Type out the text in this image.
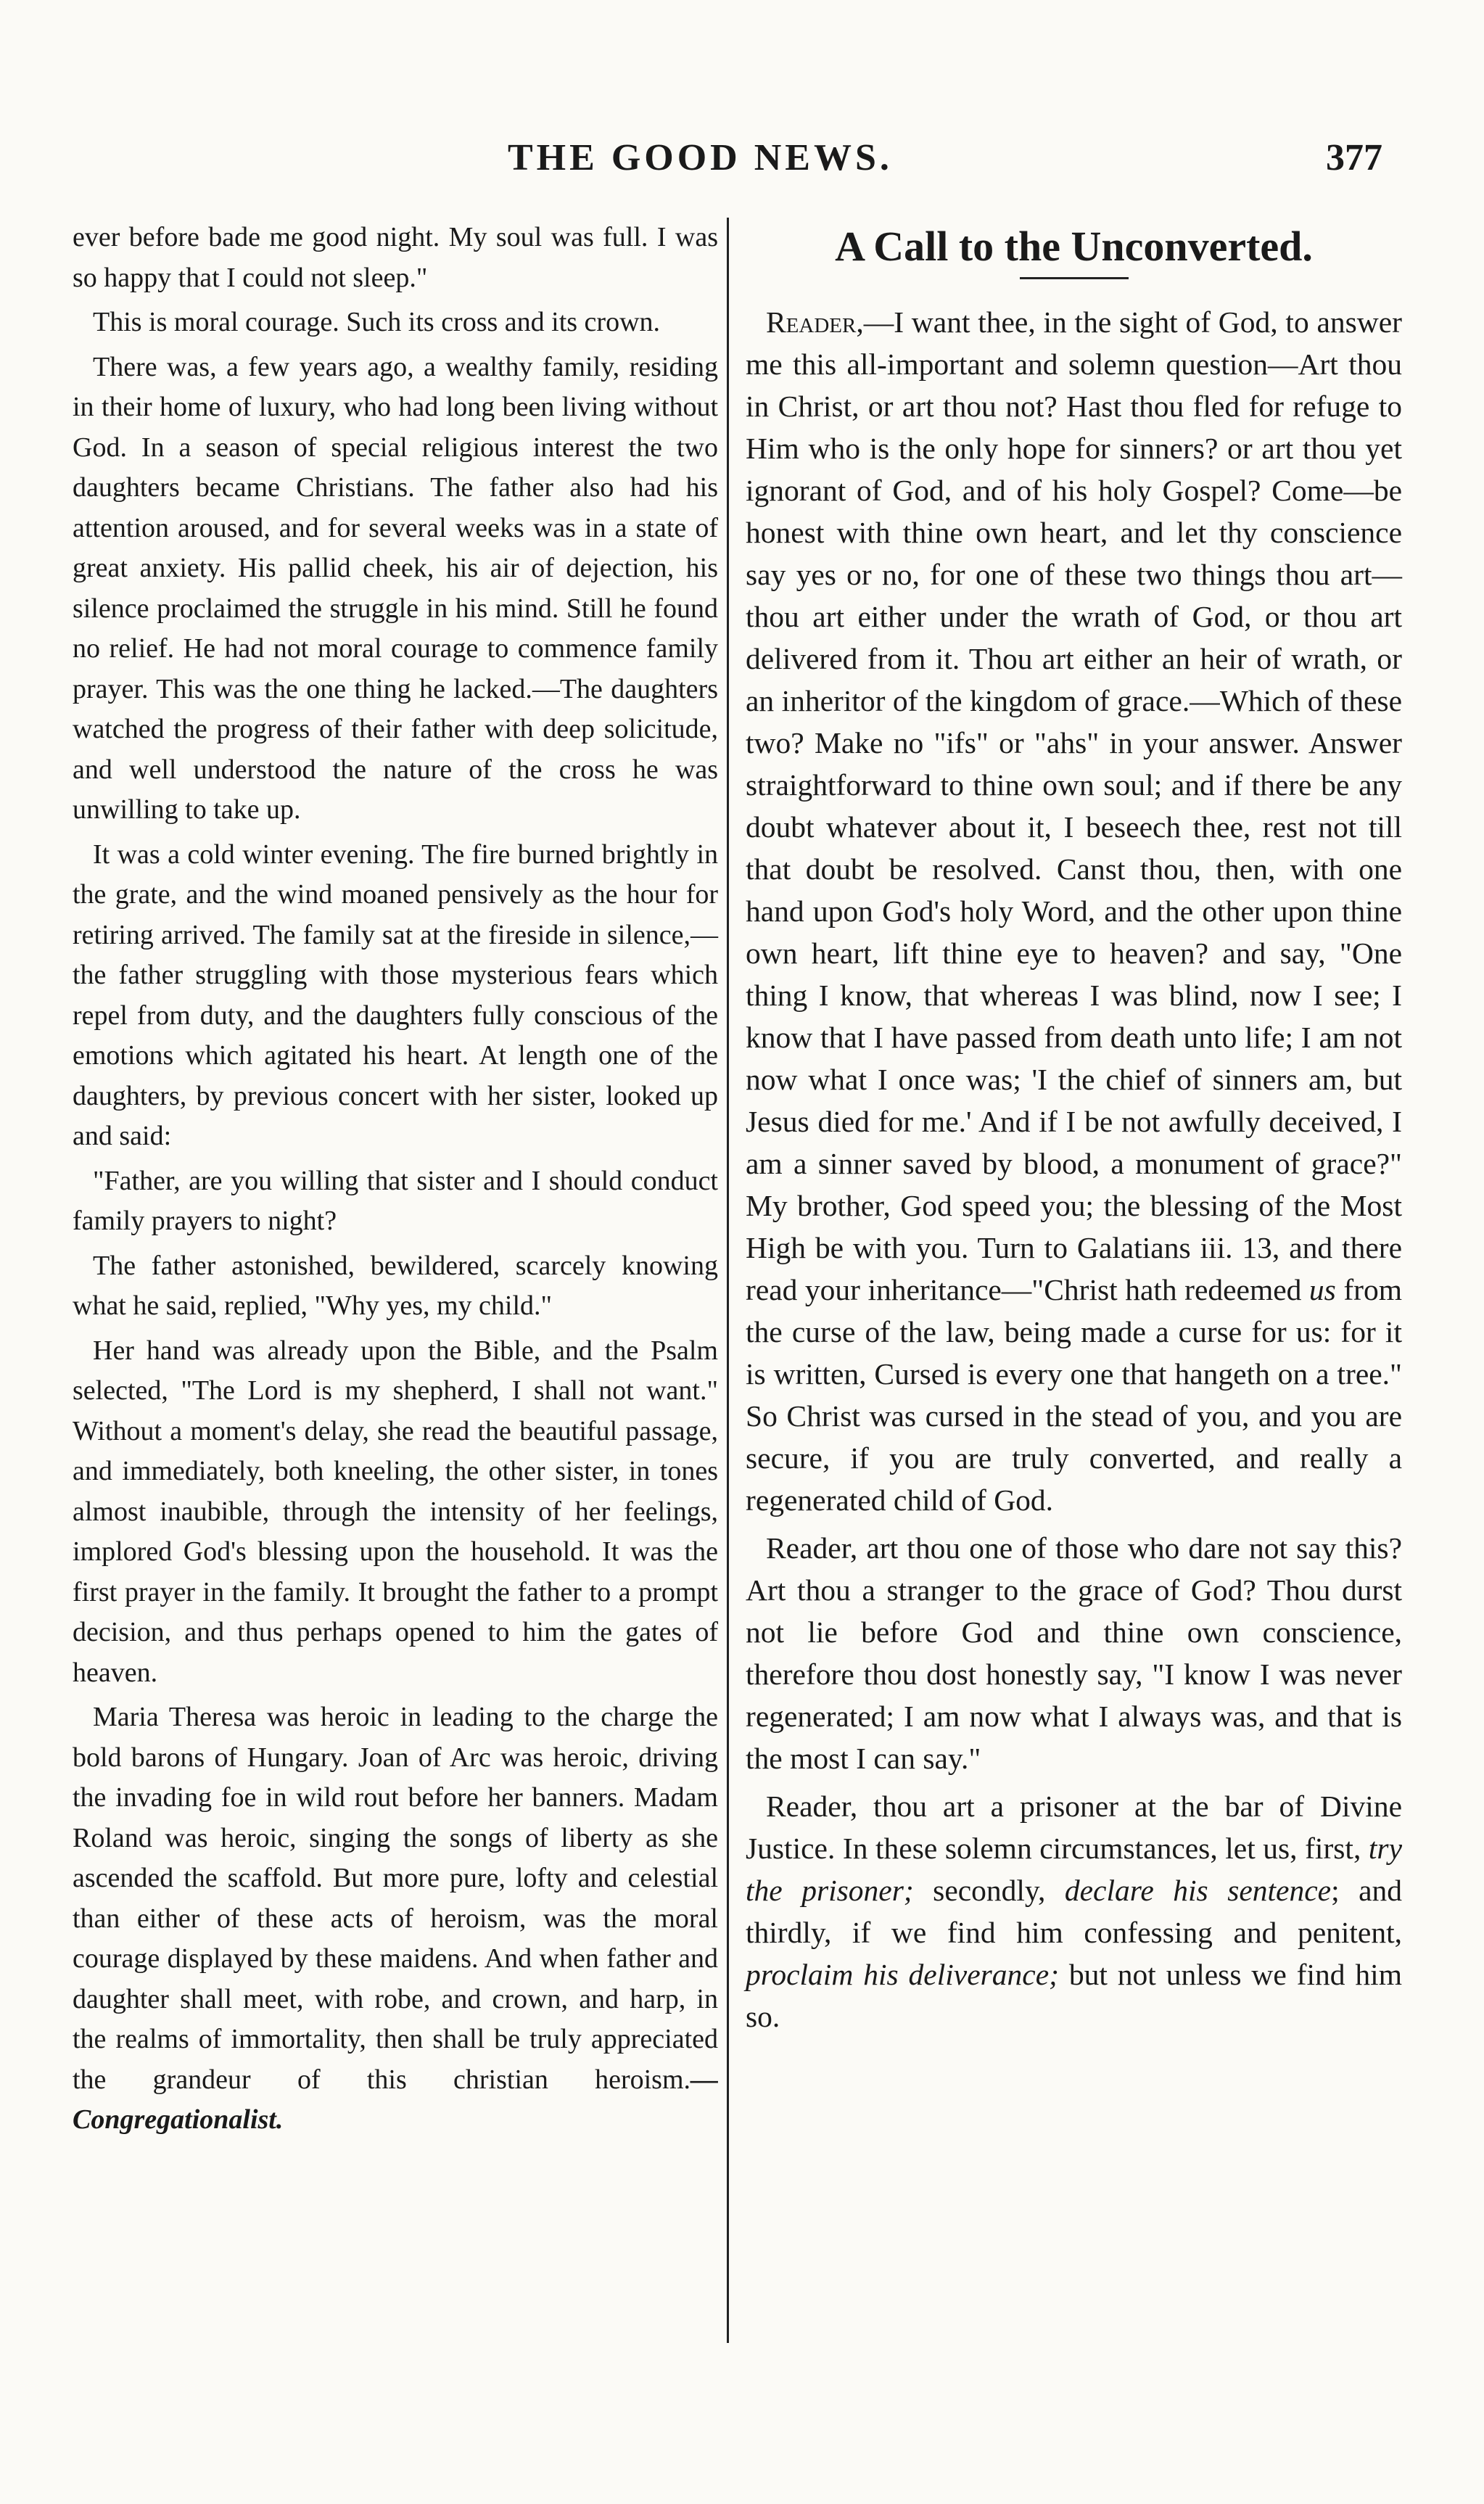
THE GOOD NEWS.	377

ever before bade me good night. My soul was full. I was so happy that I could not sleep."

This is moral courage. Such its cross and its crown.

There was, a few years ago, a wealthy family, residing in their home of luxury, who had long been living without God. In a season of special religious interest the two daughters became Christians. The father also had his attention aroused, and for several weeks was in a state of great anxiety. His pallid cheek, his air of dejection, his silence proclaimed the struggle in his mind. Still he found no relief. He had not moral courage to commence family prayer. This was the one thing he lacked.—The daughters watched the progress of their father with deep solicitude, and well understood the nature of the cross he was unwilling to take up.

It was a cold winter evening. The fire burned brightly in the grate, and the wind moaned pensively as the hour for retiring arrived. The family sat at the fireside in silence,—the father struggling with those mysterious fears which repel from duty, and the daughters fully conscious of the emotions which agitated his heart. At length one of the daughters, by previous concert with her sister, looked up and said:

"Father, are you willing that sister and I should conduct family prayers to night?

The father astonished, bewildered, scarcely knowing what he said, replied, "Why yes, my child."

Her hand was already upon the Bible, and the Psalm selected, "The Lord is my shepherd, I shall not want." Without a moment's delay, she read the beautiful passage, and immediately, both kneeling, the other sister, in tones almost inaubible, through the intensity of her feelings, implored God's blessing upon the household. It was the first prayer in the family. It brought the father to a prompt decision, and thus perhaps opened to him the gates of heaven.

Maria Theresa was heroic in leading to the charge the bold barons of Hungary. Joan of Arc was heroic, driving the invading foe in wild rout before her banners. Madam Roland was heroic, singing the songs of liberty as she ascended the scaffold. But more pure, lofty and celestial than either of these acts of heroism, was the moral courage displayed by these maidens. And when father and daughter shall meet, with robe, and crown, and harp, in the realms of immortality, then shall be truly appreciated the grandeur of this christian heroism.—Congregationalist.

A Call to the Unconverted.

Reader,—I want thee, in the sight of God, to answer me this all-important and solemn question—Art thou in Christ, or art thou not? Hast thou fled for refuge to Him who is the only hope for sinners? or art thou yet ignorant of God, and of his holy Gospel? Come—be honest with thine own heart, and let thy conscience say yes or no, for one of these two things thou art—thou art either under the wrath of God, or thou art delivered from it. Thou art either an heir of wrath, or an inheritor of the kingdom of grace.—Which of these two? Make no "ifs" or "ahs" in your answer. Answer straightforward to thine own soul; and if there be any doubt whatever about it, I beseech thee, rest not till that doubt be resolved. Canst thou, then, with one hand upon God's holy Word, and the other upon thine own heart, lift thine eye to heaven? and say, "One thing I know, that whereas I was blind, now I see; I know that I have passed from death unto life; I am not now what I once was; 'I the chief of sinners am, but Jesus died for me.' And if I be not awfully deceived, I am a sinner saved by blood, a monument of grace?" My brother, God speed you; the blessing of the Most High be with you. Turn to Galatians iii. 13, and there read your inheritance—"Christ hath redeemed us from the curse of the law, being made a curse for us: for it is written, Cursed is every one that hangeth on a tree." So Christ was cursed in the stead of you, and you are secure, if you are truly converted, and really a regenerated child of God.

Reader, art thou one of those who dare not say this? Art thou a stranger to the grace of God? Thou durst not lie before God and thine own conscience, therefore thou dost honestly say, "I know I was never regenerated; I am now what I always was, and that is the most I can say."

Reader, thou art a prisoner at the bar of Divine Justice. In these solemn circumstances, let us, first, try the prisoner; secondly, declare his sentence; and thirdly, if we find him confessing and penitent, proclaim his deliverance; but not unless we find him so.
